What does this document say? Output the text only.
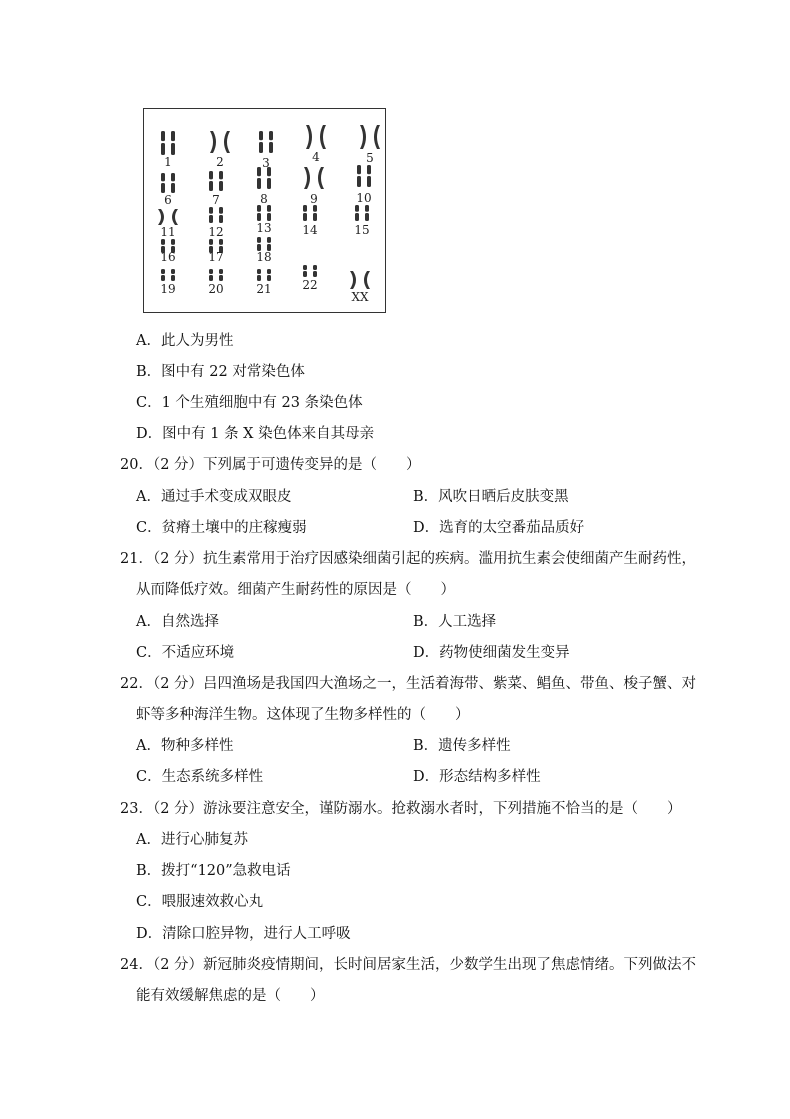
1	2	3	4	5
6	7	8	9	10
11	12	13	14	15
16	17	18
19	20	21	22
XX
A．此人为男性
B．图中有 22 对常染色体
C．1 个生殖细胞中有 23 条染色体
D．图中有 1 条 X 染色体来自其母亲
20．（2 分）下列属于可遗传变异的是（　　）
A．通过手术变成双眼皮	B．风吹日晒后皮肤变黑
C．贫瘠土壤中的庄稼瘦弱	D．选育的太空番茄品质好
21．（2 分）抗生素常用于治疗因感染细菌引起的疾病。滥用抗生素会使细菌产生耐药性，
从而降低疗效。细菌产生耐药性的原因是（　　）
A．自然选择	B．人工选择
C．不适应环境	D．药物使细菌发生变异
22．（2 分）吕四渔场是我国四大渔场之一，生活着海带、紫菜、鲳鱼、带鱼、梭子蟹、对
虾等多种海洋生物。这体现了生物多样性的（　　）
A．物种多样性	B．遗传多样性
C．生态系统多样性	D．形态结构多样性
23．（2 分）游泳要注意安全，谨防溺水。抢救溺水者时，下列措施不恰当的是（　　）
A．进行心肺复苏
B．拨打“120”急救电话
C．喂服速效救心丸
D．清除口腔异物，进行人工呼吸
24．（2 分）新冠肺炎疫情期间，长时间居家生活，少数学生出现了焦虑情绪。下列做法不
能有效缓解焦虑的是（　　）
